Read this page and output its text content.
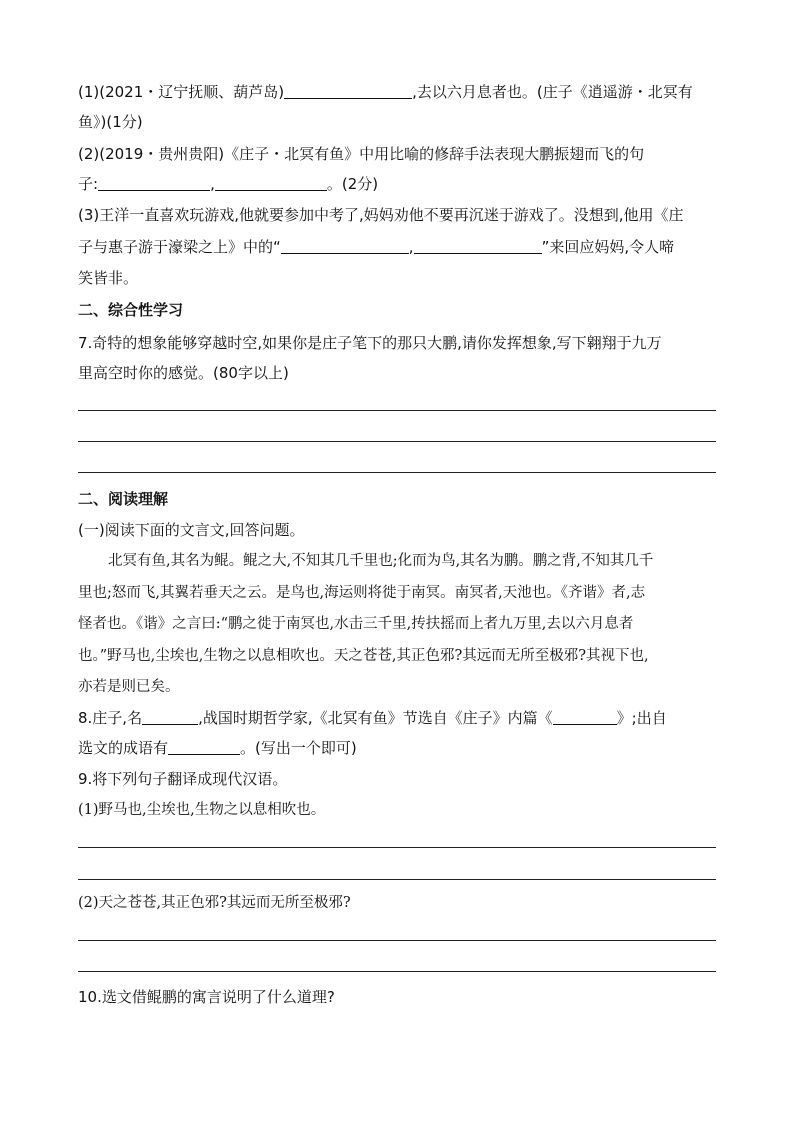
(1)(2021・辽宁抚顺、葫芦岛)	,去以六月息者也。(庄子《逍遥游・北冥有
鱼》)(1分)
(2)(2019・贵州贵阳)《庄子・北冥有鱼》中用比喻的修辞手法表现大鹏振翅而飞的句
子:	,	。(2分)
(3)王洋一直喜欢玩游戏,他就要参加中考了,妈妈劝他不要再沉迷于游戏了。没想到,他用《庄
子与惠子游于濠梁之上》中的“	,	”来回应妈妈,令人啼
笑皆非。
二、综合性学习
7.奇特的想象能够穿越时空,如果你是庄子笔下的那只大鹏,请你发挥想象,写下翱翔于九万
里高空时你的感觉。(80字以上)
二、阅读理解
(一)阅读下面的文言文,回答问题。
北冥有鱼,其名为鲲。鲲之大,不知其几千里也;化而为鸟,其名为鹏。鹏之背,不知其几千
里也;怒而飞,其翼若垂天之云。是鸟也,海运则将徙于南冥。南冥者,天池也。《齐谐》者,志
怪者也。《谐》之言曰:“鹏之徙于南冥也,水击三千里,抟扶摇而上者九万里,去以六月息者
也。”野马也,尘埃也,生物之以息相吹也。天之苍苍,其正色邪?其远而无所至极邪?其视下也,
亦若是则已矣。
8.庄子,名	,战国时期哲学家,《北冥有鱼》节选自《庄子》内篇《	》;出自
选文的成语有	。(写出一个即可)
9.将下列句子翻译成现代汉语。
(1)野马也,尘埃也,生物之以息相吹也。
(2)天之苍苍,其正色邪?其远而无所至极邪?
10.选文借鲲鹏的寓言说明了什么道理?
